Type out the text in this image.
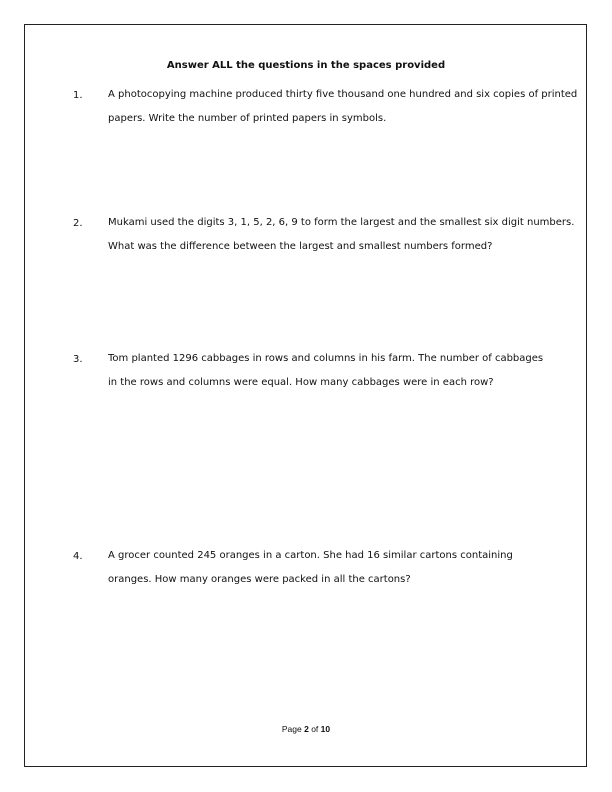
Answer ALL the questions in the spaces provided
1.	A photocopying machine produced thirty five thousand one hundred and six copies of printed papers. Write the number of printed papers in symbols.
2.	Mukami used the digits 3, 1, 5, 2, 6, 9 to form the largest and the smallest six digit numbers. What was the difference between the largest and smallest numbers formed?
3.	Tom planted 1296 cabbages in rows and columns in his farm. The number of cabbages in the rows and columns were equal. How many cabbages were in each row?
4.	A grocer counted 245 oranges in a carton. She had 16 similar cartons containing oranges. How many oranges were packed in all the cartons?
Page 2 of 10
